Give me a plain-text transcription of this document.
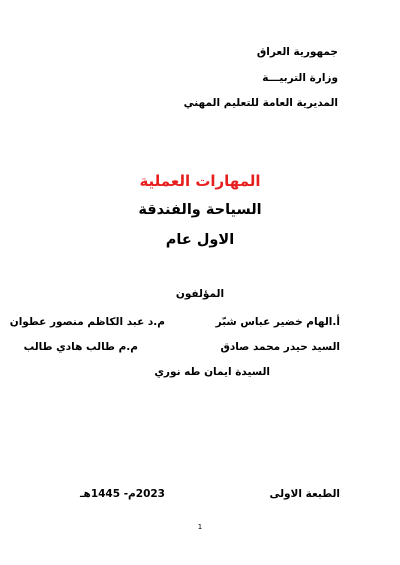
جمهورية العراق
وزارة التربيـــة
المديرية العامة للتعليم المهني
المهارات العملية
السياحة والفندقة
الاول عام
المؤلفون
أ.الهام خضير عباس شبّر
م.د عبد الكاظم منصور عطوان
السيد حيدر محمد صادق
م.م طالب هادي طالب
السيدة ايمان طه نوري
الطبعة الاولى
2023م- 1445هـ
1
